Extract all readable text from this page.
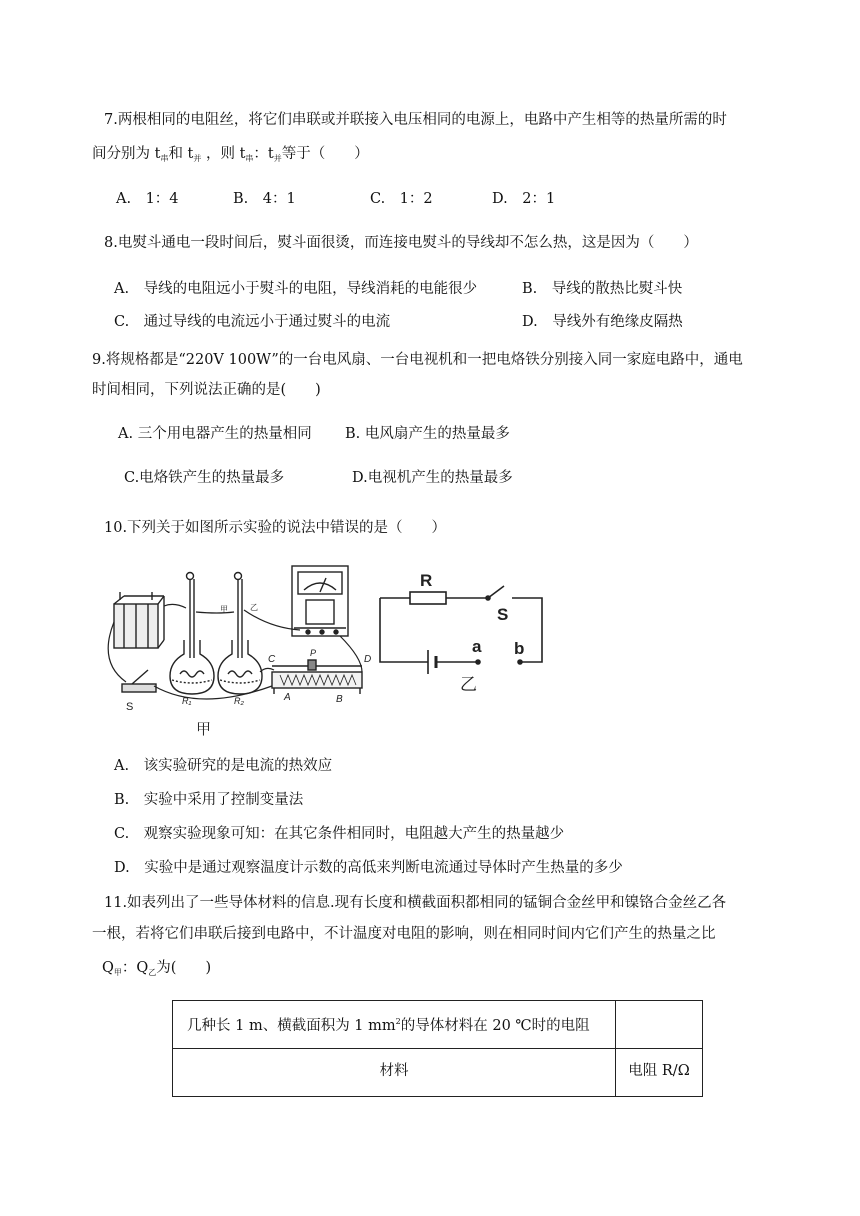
7.两根相同的电阻丝，将它们串联或并联接入电压相同的电源上，电路中产生相等的热量所需的时
间分别为 $t_串$和 $t_并$ ，则 $t_串$：$t_并$等于（　　）
A.　1：4	B.　4：1	C.　1：2	D.　2：1
8.电熨斗通电一段时间后，熨斗面很烫，而连接电熨斗的导线却不怎么热，这是因为（　　）
A.　导线的电阻远小于熨斗的电阻，导线消耗的电能很少	B.　导线的散热比熨斗快
C.　通过导线的电流远小于通过熨斗的电流	D.　导线外有绝缘皮隔热
9.将规格都是“220V 100W”的一台电风扇、一台电视机和一把电烙铁分别接入同一家庭电路中，通电
时间相同，下列说法正确的是(　　)
A. 三个用电器产生的热量相同 B. 电风扇产生的热量最多
C.电烙铁产生的热量最多	D.电视机产生的热量最多
10.下列关于如图所示实验的说法中错误的是（　　）
甲	乙
R₁	R₂
S
C	D
A	B
P
甲
R
S
a b
乙
A.　该实验研究的是电流的热效应
B.　实验中采用了控制变量法
C.　观察实验现象可知：在其它条件相同时，电阻越大产生的热量越少
D.　实验中是通过观察温度计示数的高低来判断电流通过导体时产生热量的多少
11.如表列出了一些导体材料的信息.现有长度和横截面积都相同的锰铜合金丝甲和镍铬合金丝乙各
一根，若将它们串联后接到电路中，不计温度对电阻的影响，则在相同时间内它们产生的热量之比
$Q_甲$：$Q_乙$为(　　)
几种长 1 m、横截面积为 1 $mm^2$的导体材料在 20 ℃时的电阻	
材料	电阻 R/Ω
